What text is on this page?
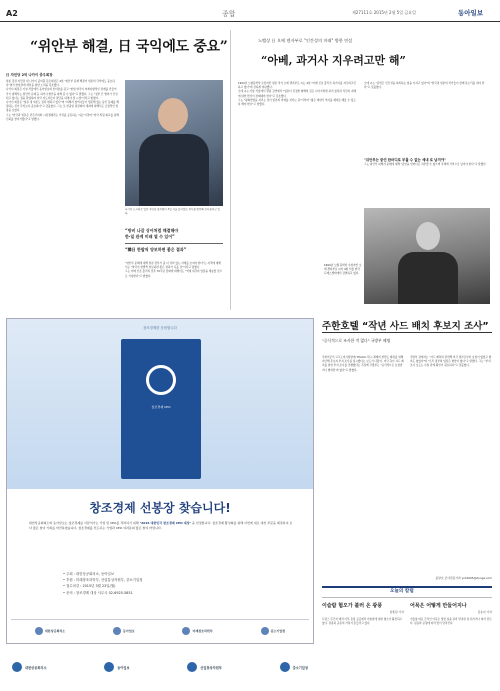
A2	종합	제27111호 2015년 2월 5일 금요일	동아일보
“위안부 해결, 日 국익에도 중요”
日 자민당 2억 나카이 중우회장

일본 집권 자민당 대 나카이 중의원 원로회장은 4일 "위안부 문제 해결이 일본의 국익에도 중요하다"면서 한일관계 개선을 위한 노력을 강조했다.

나카이 회장은 이날 서울에서 동아일보와 인터뷰를 갖고 "한일 양국이 미래지향적인 관계를 만들어 가기 위해서는 위안부 문제 등 과거사 현안을 피해 갈 수 없다"고 말했다. 그는 "정부 간 협의가 진전되고 있다는 점을 환영하며 양국 지도자들이 결단을 내려야 할 시점"이라고 밝혔다.

나카이 회장은 "일본 내 여론도 점차 변하고 있다"며 "피해자 할머니들이 생존해 있는 동안 문제를 해결하는 것이 무엇보다 중요하다"고 덧붙였다. 그는 또 한중일 정상회의 개최에 대해서도 긍정적인 입장을 보였다.

그는 "한국과 일본은 민주주의와 시장경제라는 가치를 공유하는 이웃"이라며 "양국 의원 외교를 통해 신뢰를 쌓아가겠다"고 말했다.

나카이 도시히로 일본 자민당 중의원이 4일 서울 동아일보 본사를 방문해 인터뷰하고 있다.
“방비 나갈 상어처럼 해결해야
한·일 관계 미래 열 수 있어”
“韓日 한발씩 양보하면 좋은 결과”

"위안부 문제에 대해 일본 정부가 좀 더 성의 있는 자세를 보여야 한다"는 지적에 대해서는 "양국이 한발씩 양보하면 좋은 결과가 나올 것"이라고 답했다.

그는 아베 신조 총리의 전후 70주년 담화에 대해서도 "역대 내각의 입장을 계승할 것으로 기대한다"고 밝혔다.

노벨상 日 오에 겐자부로 "인간성의 미래" 방한 연설
“아베, 과거사 지우려고만 해”

1994년 노벨문학상 수상자인 일본 작가 오에 겐자부로 씨는 4일 "아베 신조 총리가 과거사를 지우려고만 하고 있다"며 강하게 비판했다.

오에 씨는 이날 서울에서 열린 강연에서 "일본이 진정한 화해의 길로 나아가려면 과거 침략과 식민지 지배에 대한 반성이 전제돼야 한다"고 강조했다.

그는 "평화헌법을 지키는 것이 일본의 미래를 지키는 길"이라며 "젊은 세대가 역사를 제대로 배울 수 있도록 해야 한다"고 말했다.

오에 씨는 "문학은 인간성을 회복하는 힘을 가지고 있다"며 "한국과 일본의 작가들이 함께 목소리를 내야 한다"고 덧붙였다.

"위안부는 증언 한마디로 부를 수 없는 세대 로 남겨야"

그는 위안부 피해자 문제에 대해 "증언을 한마디로 치부할 수 없으며 후세에 기억으로 남겨야 한다"고 말했다.

1994년 노벨 문학상 수상자인 오에 겐자부로 씨가 4일 서울 한국프레스센터에서 강연하고 있다.
창조경제를 응원합니다
창조경제 CEO
창조경제 선봉장 찾습니다!
대한상공회의소와 동아일보는 창조경제를 이끌어가는 기업 및 CEO를 격려하기 위해 "2015 대한민국 창조경제 CEO 대상" 을 선정합니다. 창조경제 활성화를 위해 이번에 새로 대상 부문을 제정하여 보다 많은 참여 기회를 마련하였습니다. 창조경제를 선도하는 기업과 CEO 여러분의 많은 참여 바랍니다.
• 주최 : 대한상공회의소, 동아일보
• 후원 : 미래창조과학부, 산업통상자원부, 중소기업청
• 접수마감 : 2015년 3월 23일(월)
• 문의 : 창조경제 대상 사무국 02-6925-5851
대한상공회의소	동아일보	미래창조과학부	중소기업청
주한호텔 “작년 사드 배치 후보지 조사”
"공식적으로 조사한 적 없다" 국방부 해명

주한미군이 고고도미사일방어(THAAD·사드) 체계의 한반도 배치를 위해 지난해 후보지 부지 조사를 실시했다는 보도가 나왔다. 미국 측이 사드 배치를 위한 부지 조사를 진행했다는 주장에 국방부는 "공식적으로 요청받거나 협의한 바 없다"고 밝혔다.

국방부 관계자는 "사드 배치와 관련해 미국 정부로부터 요청이 없었고 협의도 없었다"며 "우리 정부의 입장은 변함이 없다"고 말했다. 그는 "부지 조사 보도는 사실 관계 확인이 필요하다"고 덧붙였다.

윤상호 군사전문기자 ysh1005@donga.com
오늘의 칼럼
이슬람 혐오가 불러 온 광풍
임종원 기자
프랑스 주간지 테러 이후 유럽 곳곳에서 이슬람에 대한 혐오가 확산되고 있다. 관용과 공존의 가치가 흔들리고 있다.
어묵은 어떻게 만들어지나
김송아 기자
겨울철 대표 간식인 어묵은 생선 살을 갈아 반죽한 뒤 튀기거나 쪄서 만든다. 원료와 공정에 따라 맛이 달라진다.
대한상공회의소	동아일보	산업통상자원부	중소기업청
